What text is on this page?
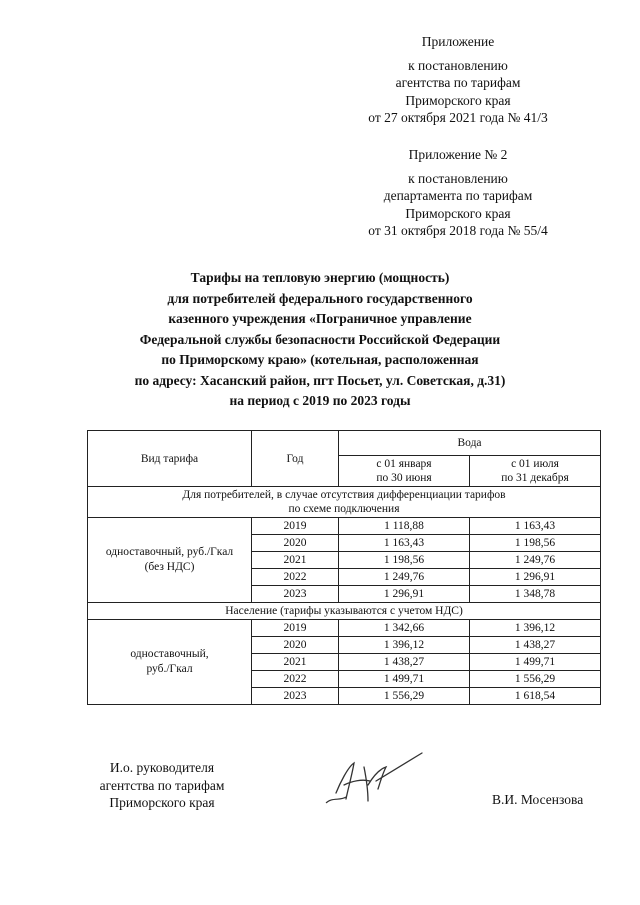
Приложение
к постановлению
агентства по тарифам
Приморского края
от 27 октября 2021 года № 41/3
Приложение № 2
к постановлению
департамента по тарифам
Приморского края
от 31 октября 2018 года № 55/4
Тарифы на тепловую энергию (мощность)
для потребителей федерального государственного
казенного учреждения «Пограничное управление
Федеральной службы безопасности Российской Федерации
по Приморскому краю» (котельная, расположенная
по адресу: Хасанский район, пгт Посьет, ул. Советская, д.31)
на период с 2019 по 2023 годы
Вид тарифа	Год	Вода	
		с 01 января
по 30 июня	с 01 июля
по 31 декабря
Для потребителей, в случае отсутствия дифференциации тарифов
по схеме подключения			
одноставочный, руб./Гкал
(без НДС)	2019	1 118,88	1 163,43
	2020	1 163,43	1 198,56
	2021	1 198,56	1 249,76
	2022	1 249,76	1 296,91
	2023	1 296,91	1 348,78
Население (тарифы указываются с учетом НДС)			
одноставочный,
руб./Гкал	2019	1 342,66	1 396,12
	2020	1 396,12	1 438,27
	2021	1 438,27	1 499,71
	2022	1 499,71	1 556,29
	2023	1 556,29	1 618,54
И.о. руководителя
агентства по тарифам
Приморского края	В.И. Мосензова
